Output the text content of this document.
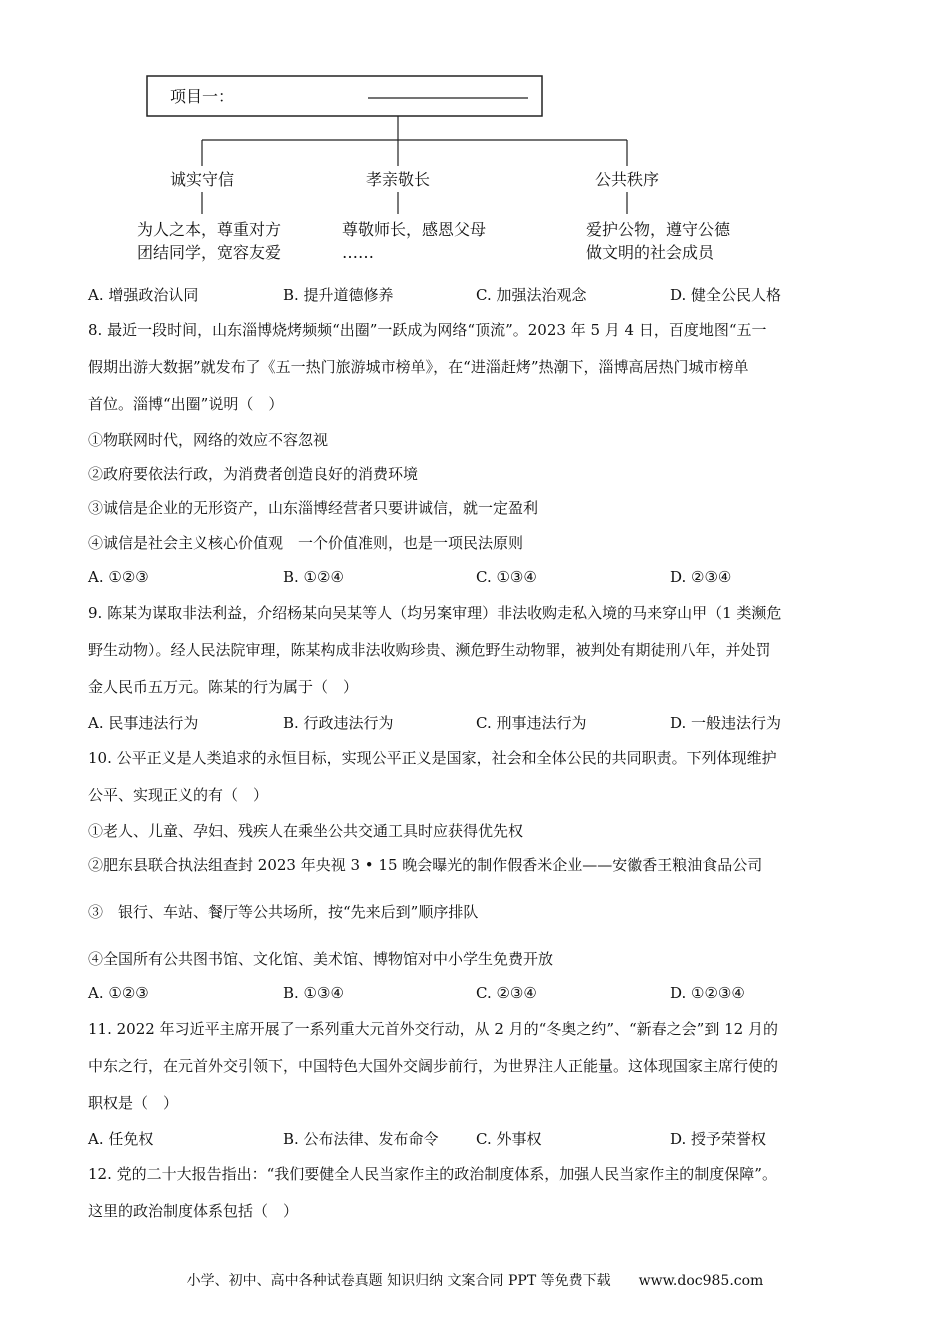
项目一：
诚实守信	孝亲敬长	公共秩序
为人之本，尊重对方
团结同学，宽容友爱
尊敬师长，感恩父母
……
爱护公物，遵守公德
做文明的社会成员
A. 增强政治认同	B. 提升道德修养	C. 加强法治观念	D. 健全公民人格
8. 最近一段时间，山东淄博烧烤频频“出圈”一跃成为网络“顶流”。2023 年 5 月 4 日，百度地图“五一
假期出游大数据”就发布了《五一热门旅游城市榜单》，在“进淄赶烤”热潮下，淄博高居热门城市榜单
首位。淄博“出圈”说明（　）
①物联网时代，网络的效应不容忽视
②政府要依法行政，为消费者创造良好的消费环境
③诚信是企业的无形资产，山东淄博经营者只要讲诚信，就一定盈利
④诚信是社会主义核心价值观　一个价值准则，也是一项民法原则
A. ①②③	B. ①②④	C. ①③④	D. ②③④
9. 陈某为谋取非法利益，介绍杨某向吴某等人（均另案审理）非法收购走私入境的马来穿山甲（1 类濒危
野生动物）。经人民法院审理，陈某构成非法收购珍贵、濒危野生动物罪，被判处有期徒刑八年，并处罚
金人民币五万元。陈某的行为属于（　）
A. 民事违法行为	B. 行政违法行为	C. 刑事违法行为	D. 一般违法行为
10. 公平正义是人类追求的永恒目标，实现公平正义是国家，社会和全体公民的共同职责。下列体现维护
公平、实现正义的有（　）
①老人、儿童、孕妇、残疾人在乘坐公共交通工具时应获得优先权
②肥东县联合执法组查封 2023 年央视 3 • 15 晚会曝光的制作假香米企业——安徽香王粮油食品公司
③　银行、车站、餐厅等公共场所，按“先来后到”顺序排队
④全国所有公共图书馆、文化馆、美术馆、博物馆对中小学生免费开放
A. ①②③	B. ①③④	C. ②③④	D. ①②③④
11. 2022 年习近平主席开展了一系列重大元首外交行动，从 2 月的“冬奥之约”、“新春之会”到 12 月的
中东之行，在元首外交引领下，中国特色大国外交阔步前行，为世界注人正能量。这体现国家主席行使的
职权是（　）
A. 任免权	B. 公布法律、发布命令 C. 外事权	D. 授予荣誉权
12. 党的二十大报告指出：“我们要健全人民当家作主的政治制度体系，加强人民当家作主的制度保障”。
这里的政治制度体系包括（　）
小学、初中、高中各种试卷真题 知识归纳 文案合同 PPT 等免费下载　　www.doc985.com
